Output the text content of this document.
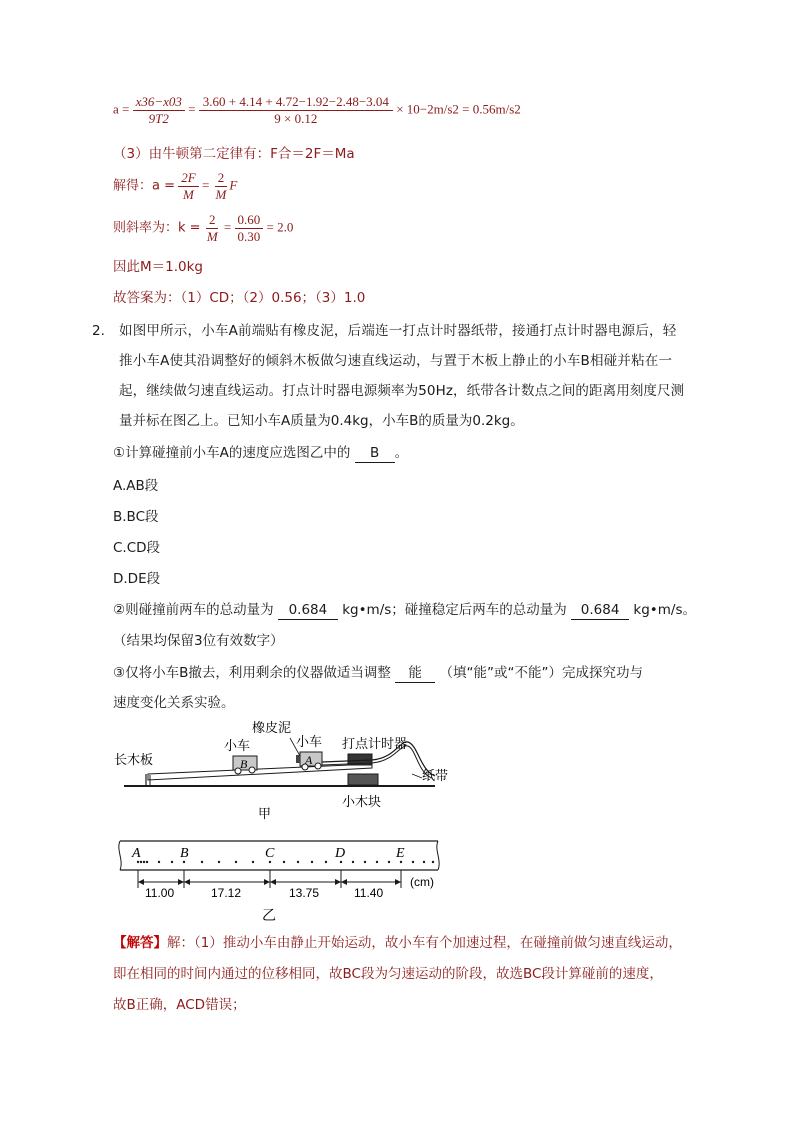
$a = \frac{x36-x03}{9T2} = \frac{3.60 + 4.14 + 4.72-1.92-2.48-3.04}{9 \times 0.12} \times 10-2m/s2 = 0.56m/s2$
（3）由牛顿第二定律有：F合＝2F＝Ma
解得：$a = \frac{2F}{M} = \frac{2}{M}$ F
则斜率为：$k = \frac{2}{M} = \frac{0.60}{0.30} = 2.0$
因此M＝1.0kg
故答案为：（1）CD；（2）0.56；（3）1.0
2. 如图甲所示，小车A前端贴有橡皮泥，后端连一打点计时器纸带，接通打点计时器电源后，轻
推小车A使其沿调整好的倾斜木板做匀速直线运动，与置于木板上静止的小车B相碰并粘在一
起，继续做匀速直线运动。打点计时器电源频率为50Hz，纸带各计数点之间的距离用刻度尺测
量并标在图乙上。已知小车A质量为0.4kg，小车B的质量为0.2kg。
①计算碰撞前小车A的速度应选图乙中的 B 。
A.AB段
B.BC段
C.CD段
D.DE段
②则碰撞前两车的总动量为 0.684 kg•m/s；碰撞稳定后两车的总动量为 0.684 kg•m/s。
（结果均保留3位有效数字）
③仅将小车B撤去，利用剩余的仪器做适当调整 能 （填“能”或“不能”）完成探究功与
速度变化关系实验。
B	A
长木板
小车
橡皮泥
小车 打点计时器
纸带
小木块
甲
A	B	C	D	E
11.00	17.12	13.75	11.40
(cm)
乙
【解答】解：（1）推动小车由静止开始运动，故小车有个加速过程，在碰撞前做匀速直线运动，
即在相同的时间内通过的位移相同，故BC段为匀速运动的阶段，故选BC段计算碰前的速度，
故B正确，ACD错误；
